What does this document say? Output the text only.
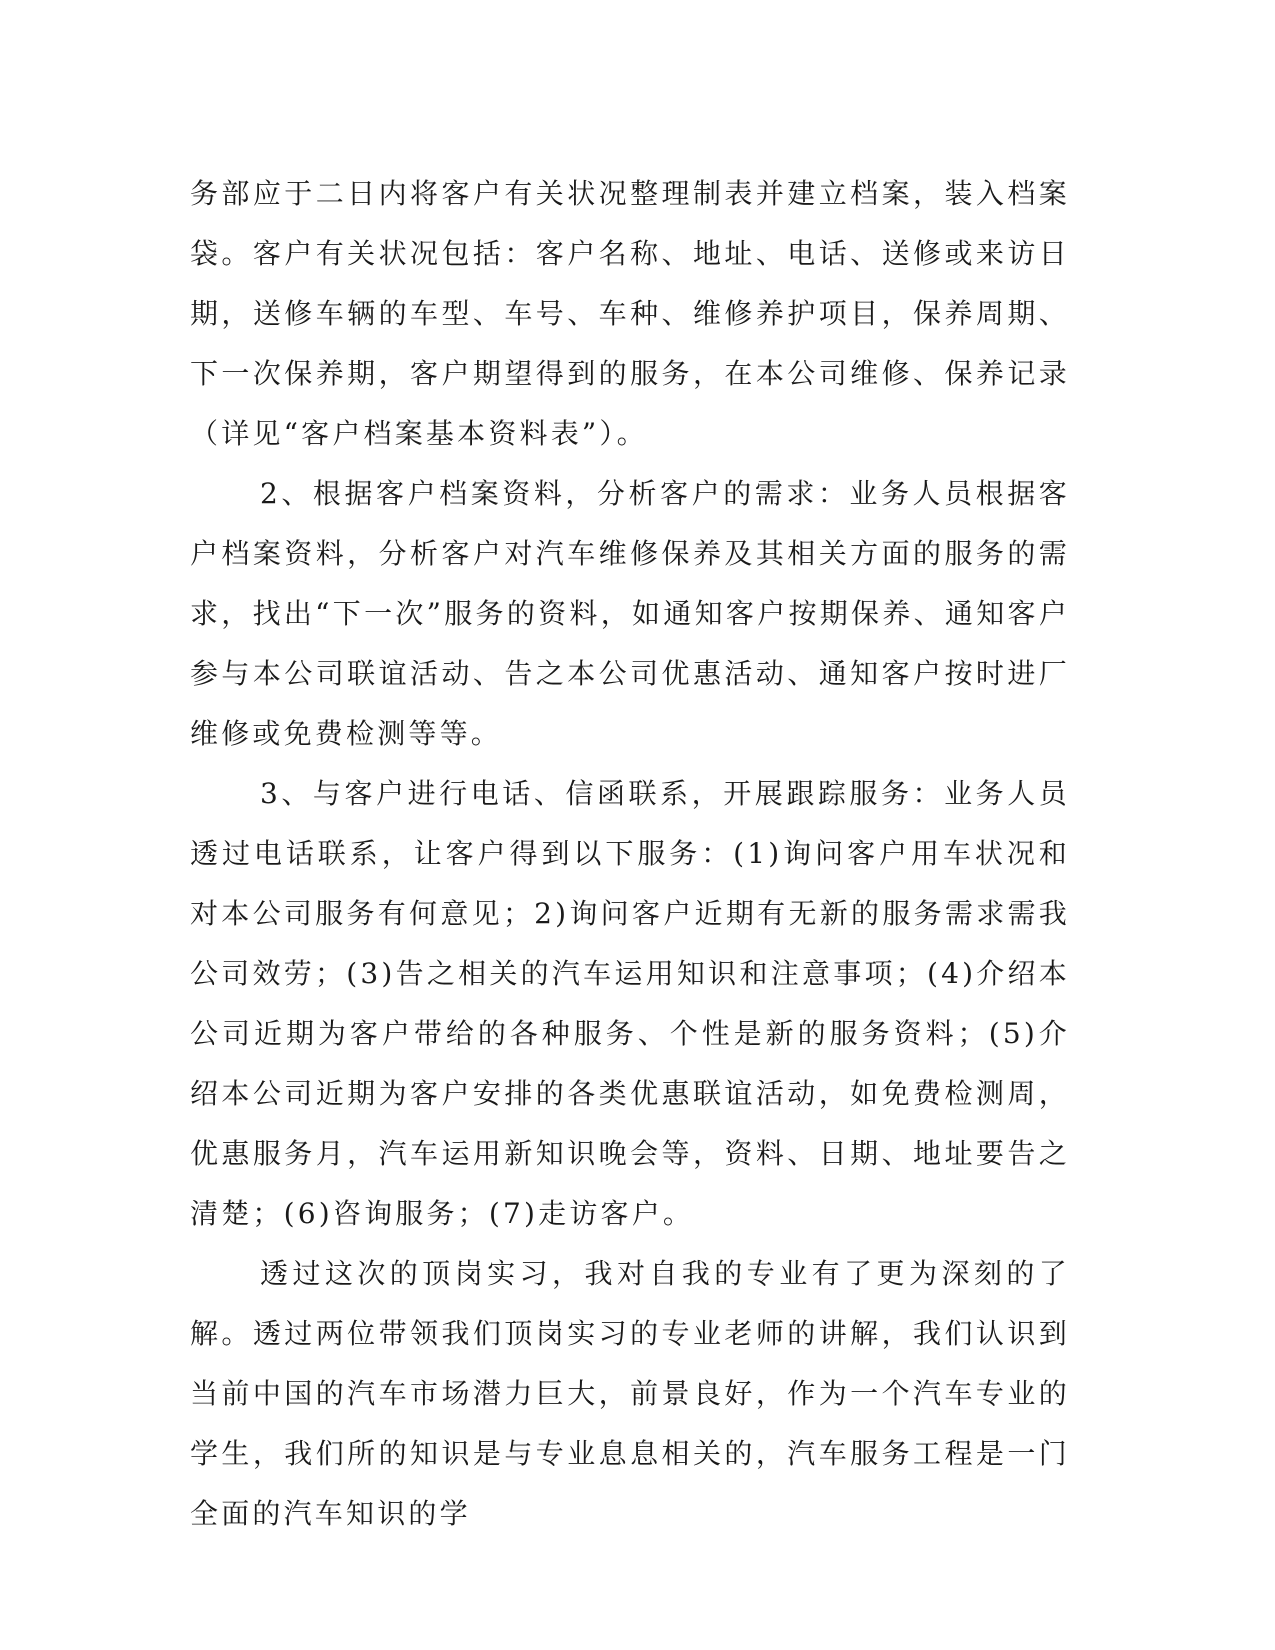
务部应于二日内将客户有关状况整理制表并建立档案，装入档案袋。客户有关状况包括：客户名称、地址、电话、送修或来访日期，送修车辆的车型、车号、车种、维修养护项目，保养周期、下一次保养期，客户期望得到的服务，在本公司维修、保养记录（详见“客户档案基本资料表”）。

2、根据客户档案资料，分析客户的需求：业务人员根据客户档案资料，分析客户对汽车维修保养及其相关方面的服务的需求，找出“下一次”服务的资料，如通知客户按期保养、通知客户参与本公司联谊活动、告之本公司优惠活动、通知客户按时进厂维修或免费检测等等。

3、与客户进行电话、信函联系，开展跟踪服务：业务人员透过电话联系，让客户得到以下服务：(1)询问客户用车状况和对本公司服务有何意见；2)询问客户近期有无新的服务需求需我公司效劳；(3)告之相关的汽车运用知识和注意事项；(4)介绍本公司近期为客户带给的各种服务、个性是新的服务资料；(5)介绍本公司近期为客户安排的各类优惠联谊活动，如免费检测周，优惠服务月，汽车运用新知识晚会等，资料、日期、地址要告之清楚；(6)咨询服务；(7)走访客户。

透过这次的顶岗实习，我对自我的专业有了更为深刻的了解。透过两位带领我们顶岗实习的专业老师的讲解，我们认识到当前中国的汽车市场潜力巨大，前景良好，作为一个汽车专业的学生，我们所的知识是与专业息息相关的，汽车服务工程是一门全面的汽车知识的学
